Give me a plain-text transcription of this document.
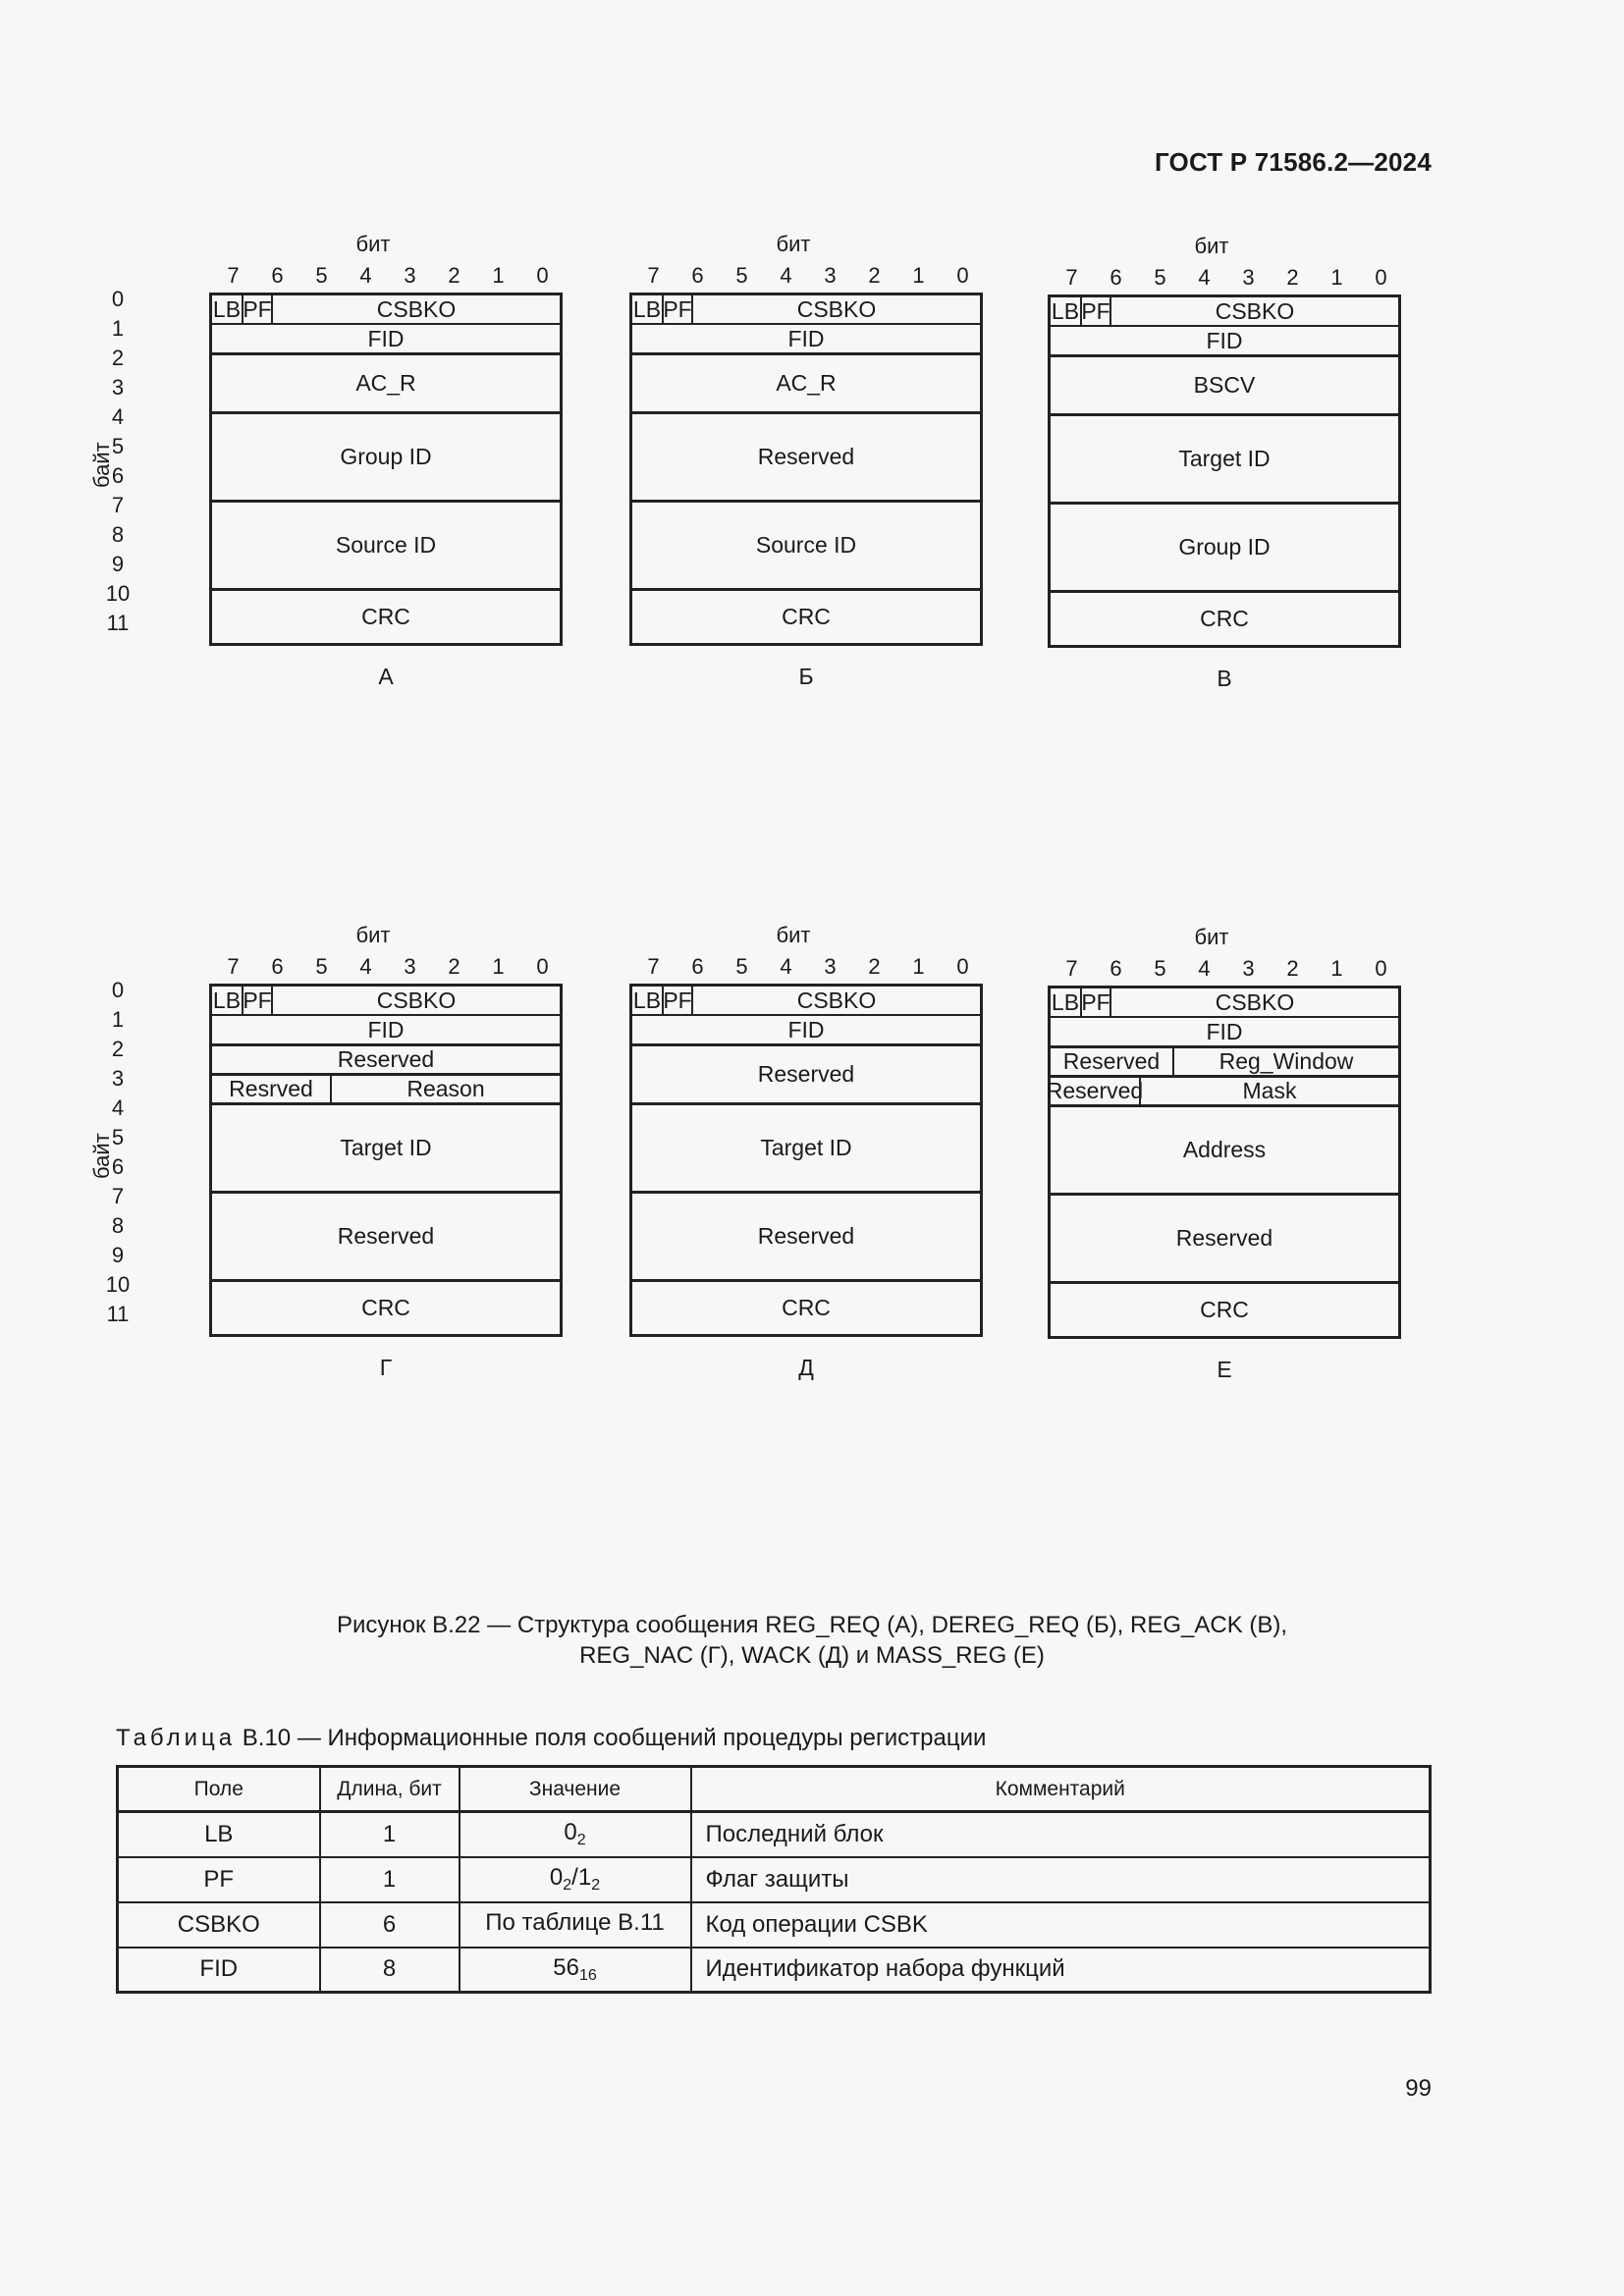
ГОСТ Р 71586.2—2024
бит
7	6	5	4	3	2	1	0
0
1
2
3
4
5
6
7
8
9
10
11
байт
LB PF	CSBKO
FID
AC_R
Group ID
Source ID
CRC
А
бит
7	6	5	4	3	2	1	0
LB PF	CSBKO
FID
AC_R
Reserved
Source ID
CRC
Б
бит
7	6	5	4	3	2	1	0
LB PF	CSBKO
FID
BSCV
Target ID
Group ID
CRC
В
бит
7	6	5	4	3	2	1	0
0
1
2
3
4
5
6
7
8
9
10
11
байт
LB PF	CSBKO
FID
Reserved
Resrved	Reason
Target ID
Reserved
CRC
Г
бит
7	6	5	4	3	2	1	0
LB PF	CSBKO
FID
Reserved
Target ID
Reserved
CRC
Д
бит
7	6	5	4	3	2	1	0
LB PF	CSBKO
FID
Reserved	Reg_Window
Reserved	Mask
Address
Reserved
CRC
Е
Рисунок В.22 — Структура сообщения REG_REQ (А), DEREG_REQ (Б), REG_ACK (В),
REG_NAC (Г), WACK (Д) и MASS_REG (Е)
Таблица В.10 — Информационные поля сообщений процедуры регистрации
Поле	Длина, бит	Значение	Комментарий
LB	1	$0_2$	Последний блок
PF	1	$0_2/1_2$	Флаг защиты
CSBKO	6	По таблице В.11	Код операции CSBK
FID	8	$56_{16}$	Идентификатор набора функций
99
